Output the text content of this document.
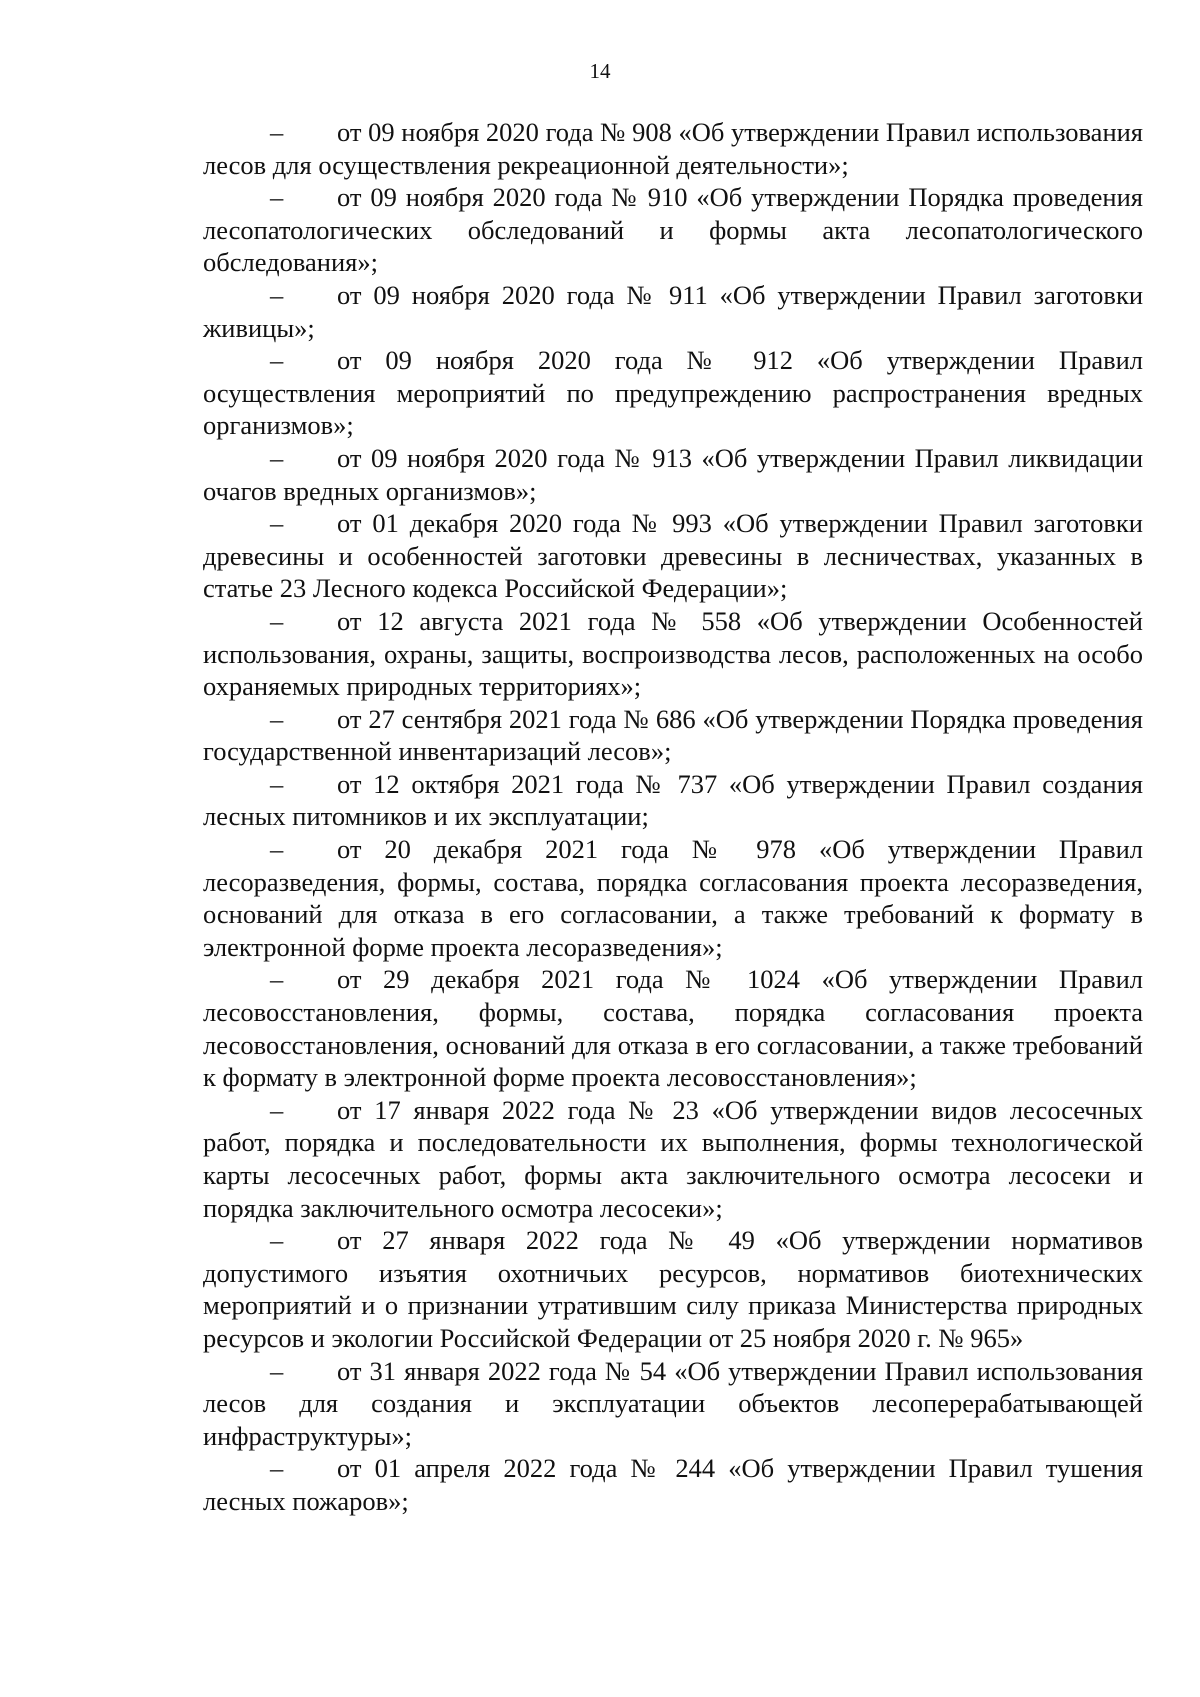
14

– от 09 ноября 2020 года № 908 «Об утверждении Правил использования лесов для осуществления рекреационной деятельности»;

– от 09 ноября 2020 года № 910 «Об утверждении Порядка проведения лесопатологических обследований и формы акта лесопатологического обследования»;

– от 09 ноября 2020 года № 911 «Об утверждении Правил заготовки живицы»;

– от 09 ноября 2020 года № 912 «Об утверждении Правил осуществления мероприятий по предупреждению распространения вредных организмов»;

– от 09 ноября 2020 года № 913 «Об утверждении Правил ликвидации очагов вредных организмов»;

– от 01 декабря 2020 года № 993 «Об утверждении Правил заготовки древесины и особенностей заготовки древесины в лесничествах, указанных в статье 23 Лесного кодекса Российской Федерации»;

– от 12 августа 2021 года № 558 «Об утверждении Особенностей использования, охраны, защиты, воспроизводства лесов, расположенных на особо охраняемых природных территориях»;

– от 27 сентября 2021 года № 686 «Об утверждении Порядка проведения государственной инвентаризаций лесов»;

– от 12 октября 2021 года № 737 «Об утверждении Правил создания лесных питомников и их эксплуатации;

– от 20 декабря 2021 года № 978 «Об утверждении Правил лесоразведения, формы, состава, порядка согласования проекта лесоразведения, оснований для отказа в его согласовании, а также требований к формату в электронной форме проекта лесоразведения»;

– от 29 декабря 2021 года № 1024 «Об утверждении Правил лесовосстановления, формы, состава, порядка согласования проекта лесовосстановления, оснований для отказа в его согласовании, а также требований к формату в электронной форме проекта лесовосстановления»;

– от 17 января 2022 года № 23 «Об утверждении видов лесосечных работ, порядка и последовательности их выполнения, формы технологической карты лесосечных работ, формы акта заключительного осмотра лесосеки и порядка заключительного осмотра лесосеки»;

– от 27 января 2022 года № 49 «Об утверждении нормативов допустимого изъятия охотничьих ресурсов, нормативов биотехнических мероприятий и о признании утратившим силу приказа Министерства природных ресурсов и экологии Российской Федерации от 25 ноября 2020 г. № 965»

– от 31 января 2022 года № 54 «Об утверждении Правил использования лесов для создания и эксплуатации объектов лесоперерабатывающей инфраструктуры»;

– от 01 апреля 2022 года № 244 «Об утверждении Правил тушения лесных пожаров»;
